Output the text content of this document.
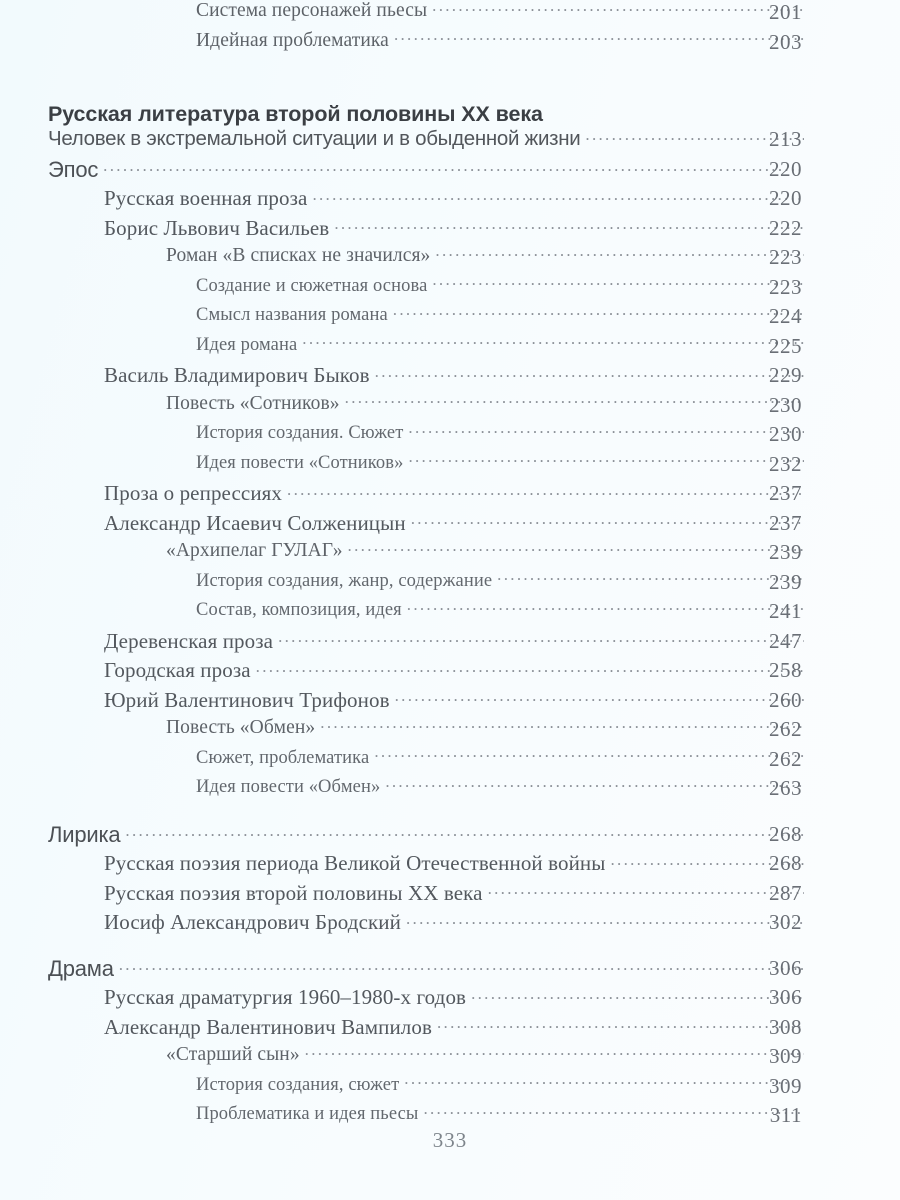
Система персонажей пьесы .....	201
Идейная проблематика .....	203
Русская литература второй половины XX века
Человек в экстремальной ситуации и в обыденной жизни .....	213
Эпос .....	220
Русская военная проза .....	220
Борис Львович Васильев .....	222
Роман «В списках не значился» .....	223
Создание и сюжетная основа .....	223
Смысл названия романа .....	224
Идея романа .....	225
Василь Владимирович Быков .....	229
Повесть «Сотников» .....	230
История создания. Сюжет .....	230
Идея повести «Сотников» .....	232
Проза о репрессиях .....	237
Александр Исаевич Солженицын .....	237
«Архипелаг ГУЛАГ» .....	239
История создания, жанр, содержание .....	239
Состав, композиция, идея .....	241
Деревенская проза .....	247
Городская проза .....	258
Юрий Валентинович Трифонов .....	260
Повесть «Обмен» .....	262
Сюжет, проблематика .....	262
Идея повести «Обмен» .....	263
Лирика .....	268
Русская поэзия периода Великой Отечественной войны .....	268
Русская поэзия второй половины XX века .....	287
Иосиф Александрович Бродский .....	302
Драма .....	306
Русская драматургия 1960–1980-х годов .....	306
Александр Валентинович Вампилов .....	308
«Старший сын» .....	309
История создания, сюжет .....	309
Проблематика и идея пьесы .....	311
333
